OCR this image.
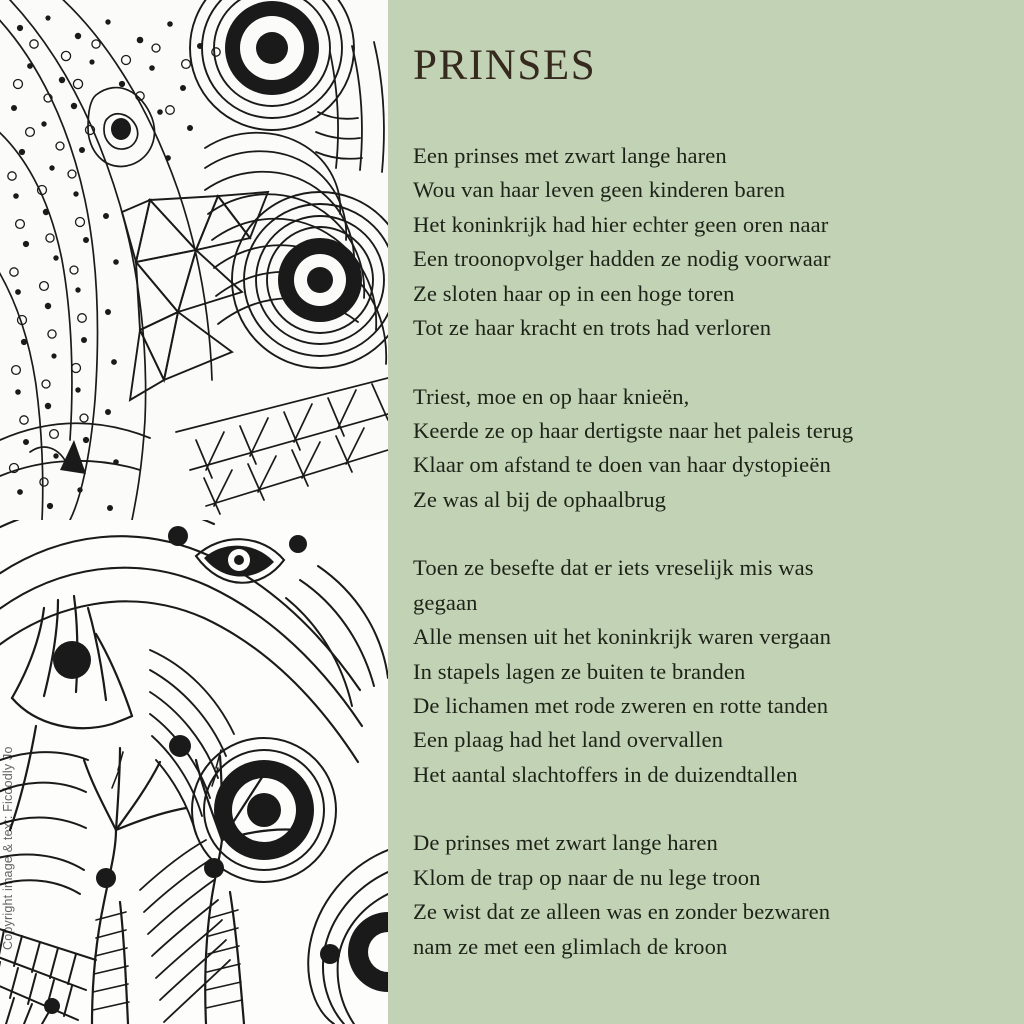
Copyright image & text: Ficdodly Jo
PRINSES
Een prinses met zwart lange haren
Wou van haar leven geen kinderen baren
Het koninkrijk had hier echter geen oren naar
Een troonopvolger hadden ze nodig voorwaar
Ze sloten haar op in een hoge toren
Tot ze haar kracht en trots had verloren
Triest, moe en op haar knieën,
Keerde ze op haar dertigste naar het paleis terug
Klaar om afstand te doen van haar dystopieën
Ze was al bij de ophaalbrug
Toen ze besefte dat er iets vreselijk mis was
gegaan
Alle mensen uit het koninkrijk waren vergaan
In stapels lagen ze buiten te branden
De lichamen met rode zweren en rotte tanden
Een plaag had het land overvallen
Het aantal slachtoffers in de duizendtallen
De prinses met zwart lange haren
Klom de trap op naar de nu lege troon
Ze wist dat ze alleen was en zonder bezwaren
nam ze met een glimlach de kroon
